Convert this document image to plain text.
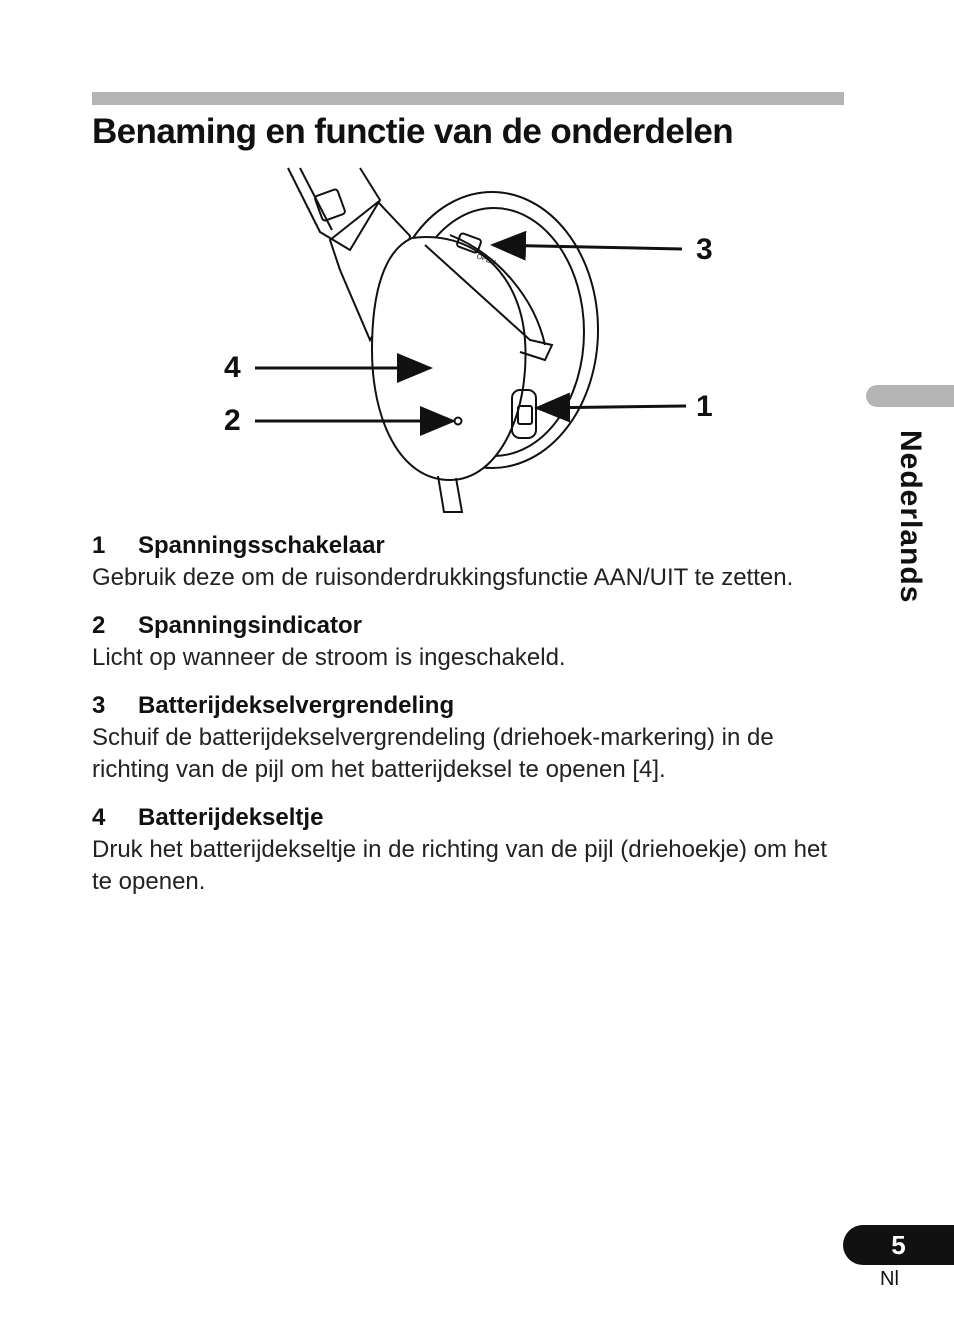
Benaming en functie van de onderdelen
OPEN	3
4
2	1
1 Spanningsschakelaar
Gebruik deze om de ruisonderdrukkingsfunctie AAN/UIT te zetten.
2 Spanningsindicator
Licht op wanneer de stroom is ingeschakeld.
3 Batterijdekselvergrendeling
Schuif de batterijdekselvergrendeling (driehoek-markering) in de richting van de pijl om het batterijdeksel te openen [4].
4 Batterijdekseltje
Druk het batterijdekseltje in de richting van de pijl (driehoekje) om het te openen.
Nederlands
5
Nl
